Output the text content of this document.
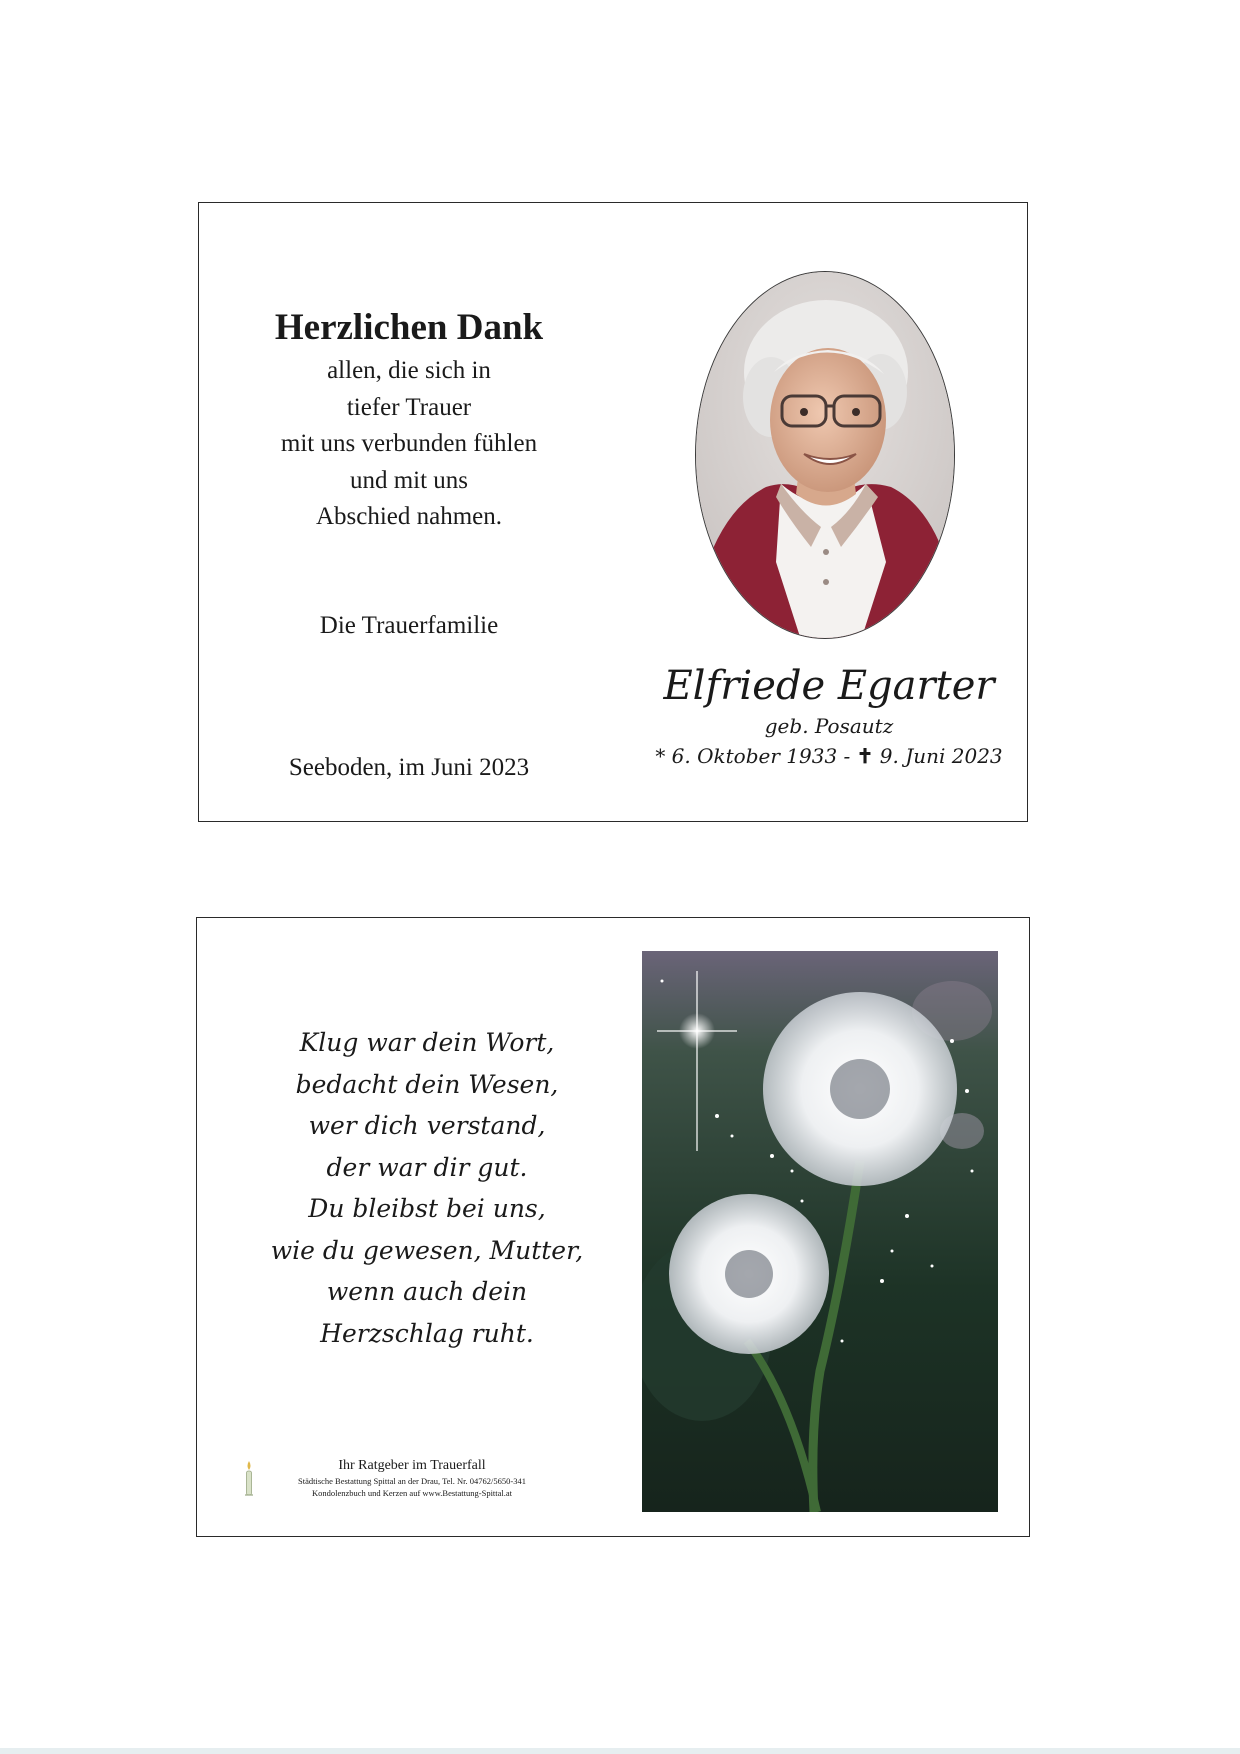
Herzlichen Dank
allen, die sich in
tiefer Trauer
mit uns verbunden fühlen
und mit uns
Abschied nahmen.
Die Trauerfamilie
Seeboden, im Juni 2023
Elfriede Egarter
geb. Posautz
* 6. Oktober 1933 - ✝ 9. Juni 2023
Klug war dein Wort,
bedacht dein Wesen,
wer dich verstand,
der war dir gut.
Du bleibst bei uns,
wie du gewesen, Mutter,
wenn auch dein
Herzschlag ruht.
Ihr Ratgeber im Trauerfall
Städtische Bestattung Spittal an der Drau, Tel. Nr. 04762/5650-341
Kondolenzbuch und Kerzen auf www.Bestattung-Spittal.at
